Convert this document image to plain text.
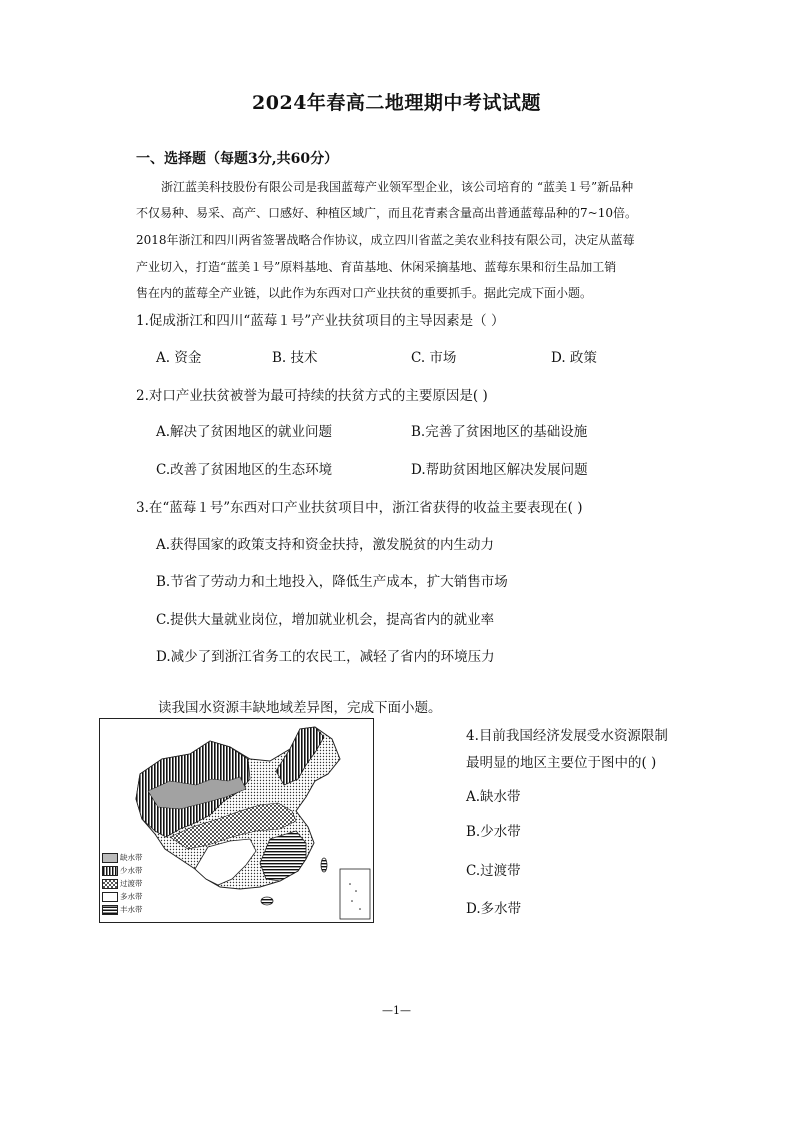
2024年春高二地理期中考试试题
一、选择题（每题3分,共60分）
浙江蓝美科技股份有限公司是我国蓝莓产业领军型企业，该公司培育的 “蓝美１号”新品种
不仅易种、易采、高产、口感好、种植区域广，而且花青素含量高出普通蓝莓品种的7~10倍。
2018年浙江和四川两省签署战略合作协议，成立四川省蓝之美农业科技有限公司，决定从蓝莓
产业切入，打造“蓝美１号”原料基地、育苗基地、休闲采摘基地、蓝莓东果和衍生品加工销
售在内的蓝莓全产业链，以此作为东西对口产业扶贫的重要抓手。据此完成下面小题。
1.促成浙江和四川“蓝莓１号”产业扶贫项目的主导因素是（ ）
A. 资金	B. 技术	C. 市场	D. 政策
2.对口产业扶贫被誉为最可持续的扶贫方式的主要原因是( )
A.解决了贫困地区的就业问题	B.完善了贫困地区的基础设施
C.改善了贫困地区的生态环境	D.帮助贫困地区解决发展问题
3.在“蓝莓１号”东西对口产业扶贫项目中，浙江省获得的收益主要表现在( )
A.获得国家的政策支持和资金扶持，激发脱贫的内生动力
B.节省了劳动力和土地投入，降低生产成本，扩大销售市场
C.提供大量就业岗位，增加就业机会，提高省内的就业率
D.减少了到浙江省务工的农民工，减轻了省内的环境压力
读我国水资源丰缺地域差异图，完成下面小题。
缺水带
少水带
过渡带
多水带
丰水带
4.目前我国经济发展受水资源限制
最明显的地区主要位于图中的( )
A.缺水带
B.少水带
C.过渡带
D.多水带
—1—
